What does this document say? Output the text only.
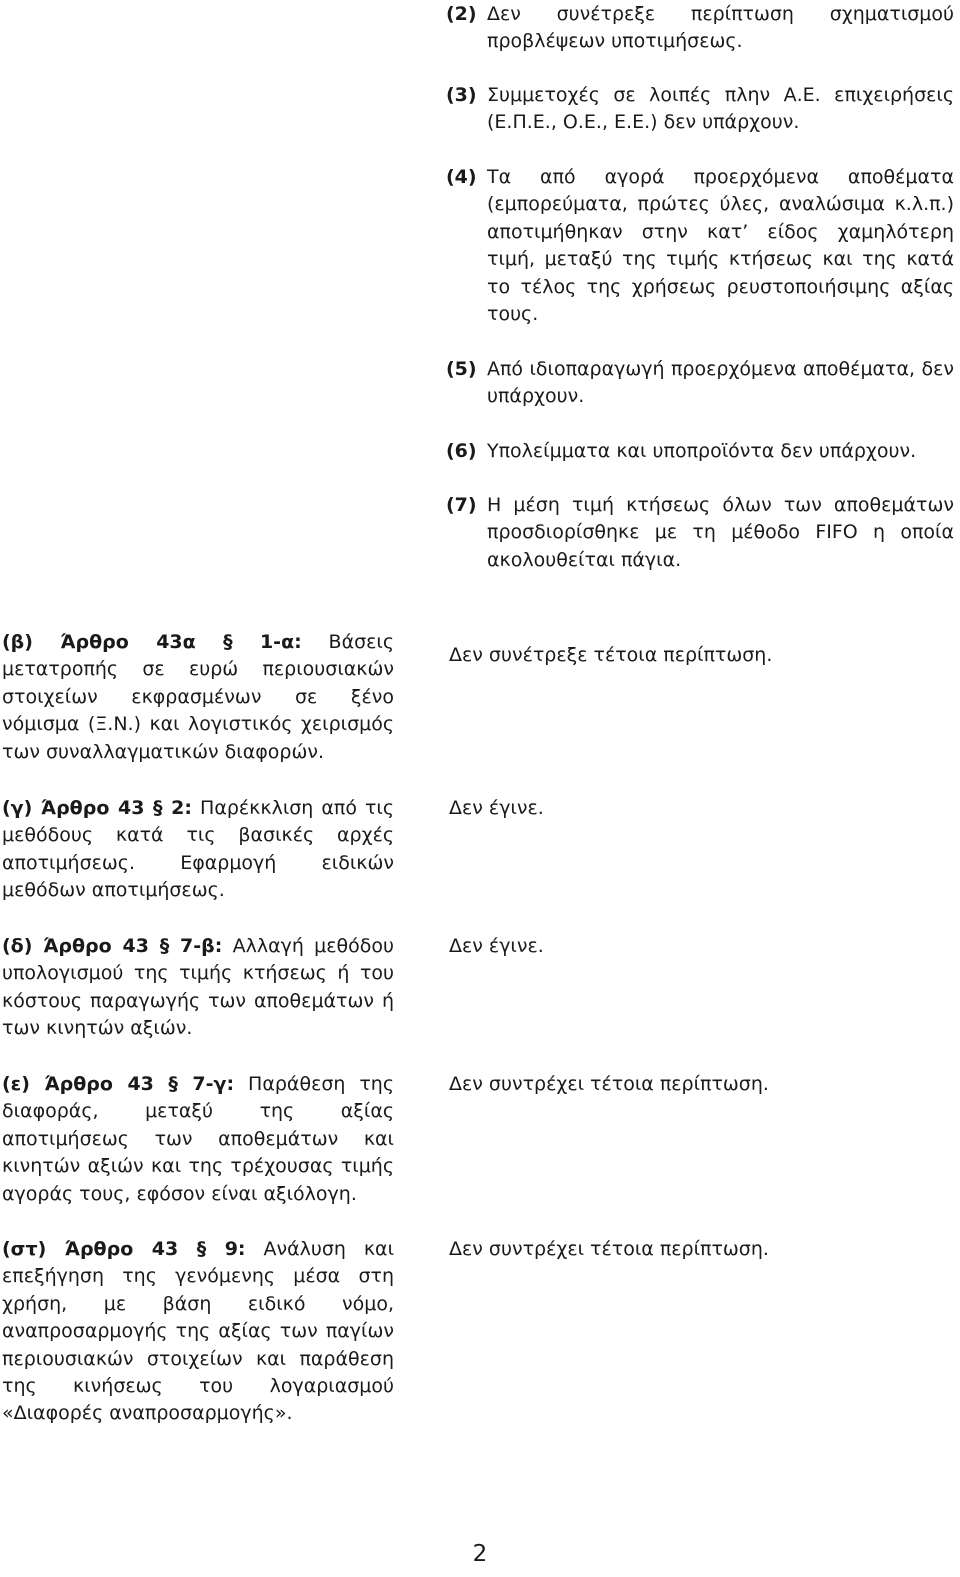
(2) Δεν συνέτρεξε περίπτωση σχηματισμού προβλέψεων υποτιμήσεως.
(3) Συμμετοχές σε λοιπές πλην Α.Ε. επιχειρήσεις (Ε.Π.Ε., Ο.Ε., Ε.Ε.) δεν υπάρχουν.
(4) Τα από αγορά προερχόμενα αποθέματα (εμπορεύματα, πρώτες ύλες, αναλώσιμα κ.λ.π.) αποτιμήθηκαν στην κατ’ είδος χαμηλότερη τιμή, μεταξύ της τιμής κτήσεως και της κατά το τέλος της χρήσεως ρευστοποιήσιμης αξίας τους.
(5) Από ιδιοπαραγωγή προερχόμενα αποθέματα, δεν υπάρχουν.
(6) Υπολείμματα και υποπροϊόντα δεν υπάρχουν.
(7) Η μέση τιμή κτήσεως όλων των αποθεμάτων προσδιορίσθηκε με τη μέθοδο FIFO η οποία ακολουθείται πάγια.
(β) Άρθρο 43α § 1-α: Βάσεις μετατροπής σε ευρώ περιουσιακών στοιχείων εκφρασμένων σε ξένο νόμισμα (Ξ.Ν.) και λογιστικός χειρισμός των συναλλαγματικών διαφορών.
Δεν συνέτρεξε τέτοια περίπτωση.
(γ) Άρθρο 43 § 2: Παρέκκλιση από τις μεθόδους κατά τις βασικές αρχές αποτιμήσεως. Εφαρμογή ειδικών μεθόδων αποτιμήσεως.
Δεν έγινε.
(δ) Άρθρο 43 § 7-β: Αλλαγή μεθόδου υπολογισμού της τιμής κτήσεως ή του κόστους παραγωγής των αποθεμάτων ή των κινητών αξιών.
Δεν έγινε.
(ε) Άρθρο 43 § 7-γ: Παράθεση της διαφοράς, μεταξύ της αξίας αποτιμήσεως των αποθεμάτων και κινητών αξιών και της τρέχουσας τιμής αγοράς τους, εφόσον είναι αξιόλογη.
Δεν συντρέχει τέτοια περίπτωση.
(στ) Άρθρο 43 § 9: Ανάλυση και επεξήγηση της γενόμενης μέσα στη χρήση, με βάση ειδικό νόμο, αναπροσαρμογής της αξίας των παγίων περιουσιακών στοιχείων και παράθεση της κινήσεως του λογαριασμού «Διαφορές αναπροσαρμογής».
Δεν συντρέχει τέτοια περίπτωση.
2
